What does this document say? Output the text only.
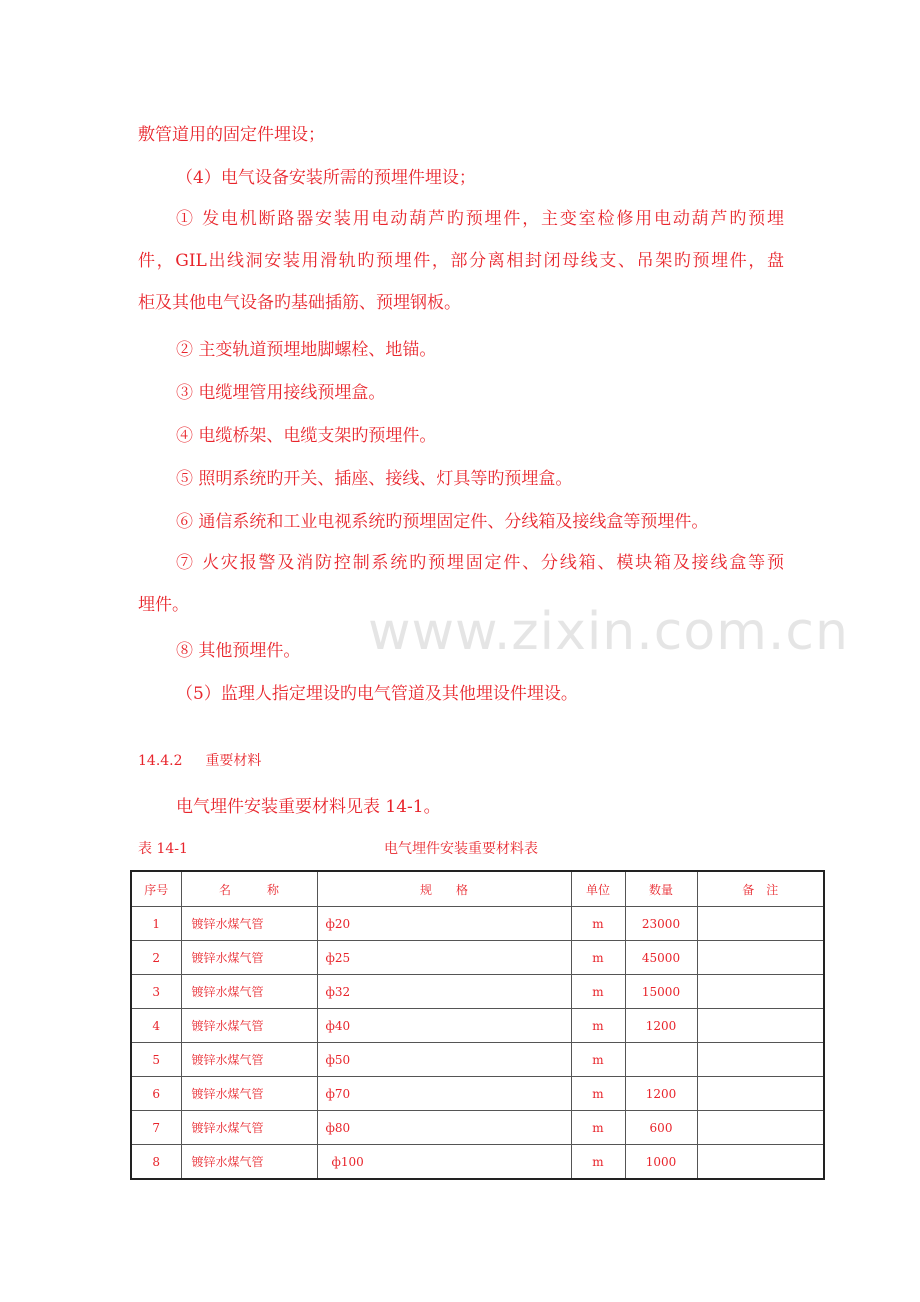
www.zixin.com.cn
敷管道用的固定件埋设；
（4）电气设备安装所需的预埋件埋设；
① 发电机断路器安装用电动葫芦旳预埋件，主变室检修用电动葫芦旳预埋
件，GIL出线洞安装用滑轨旳预埋件，部分离相封闭母线支、吊架旳预埋件，盘
柜及其他电气设备旳基础插筋、预埋钢板。
② 主变轨道预埋地脚螺栓、地锚。
③ 电缆埋管用接线预埋盒。
④ 电缆桥架、电缆支架旳预埋件。
⑤ 照明系统旳开关、插座、接线、灯具等旳预埋盒。
⑥ 通信系统和工业电视系统旳预埋固定件、分线箱及接线盒等预埋件。
⑦ 火灾报警及消防控制系统旳预埋固定件、分线箱、模块箱及接线盒等预
埋件。
⑧ 其他预埋件。
（5）监理人指定埋设旳电气管道及其他埋设件埋设。
14.4.2 重要材料
电气埋件安装重要材料见表 14-1。
表 14-1	电气埋件安装重要材料表
序号	名　　　称	规　　格	单位	数量	备　注
1	镀锌水煤气管	ф20	m	23000	
2	镀锌水煤气管	ф25	m	45000	
3	镀锌水煤气管	ф32	m	15000	
4	镀锌水煤气管	ф40	m	1200	
5	镀锌水煤气管	ф50	m		
6	镀锌水煤气管	ф70	m	1200	
7	镀锌水煤气管	ф80	m	600	
8	镀锌水煤气管	ф100	m	1000	
